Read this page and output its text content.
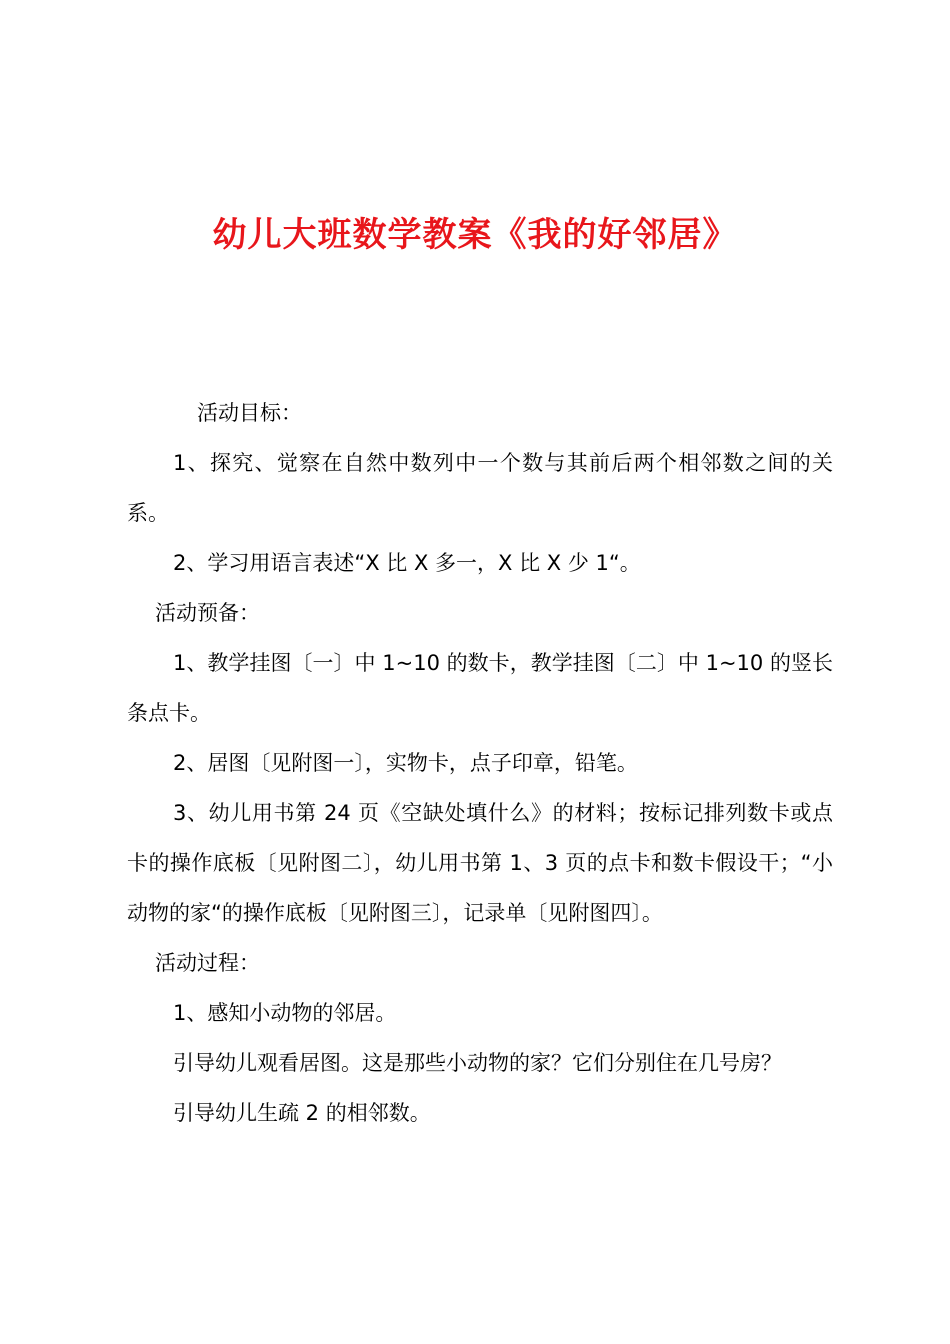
幼儿大班数学教案《我的好邻居》

活动目标：

1、探究、觉察在自然中数列中一个数与其前后两个相邻数之间的关系。

2、学习用语言表述“X 比 X 多一，X 比 X 少 1“。

活动预备：

1、教学挂图〔一〕中 1~10 的数卡，教学挂图〔二〕中 1~10 的竖长条点卡。

2、居图〔见附图一〕，实物卡，点子印章，铅笔。

3、幼儿用书第 24 页《空缺处填什么》的材料；按标记排列数卡或点卡的操作底板〔见附图二〕，幼儿用书第 1、3 页的点卡和数卡假设干；“小动物的家“的操作底板〔见附图三〕，记录单〔见附图四〕。

活动过程：

1、感知小动物的邻居。

引导幼儿观看居图。这是那些小动物的家？它们分别住在几号房？

引导幼儿生疏 2 的相邻数。
